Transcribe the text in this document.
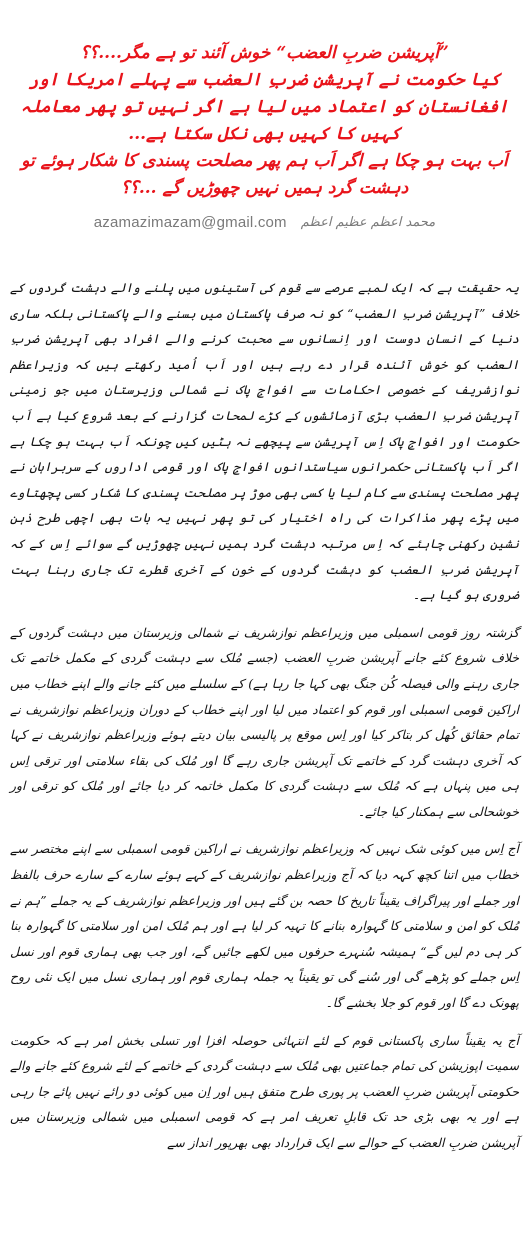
”آپریشن ضربِ العضب“ خوش آئند تو ہے مگر....؟؟

کیا حکومت نے آپریشن ضربِ العضب سے پہلے امریکا اور افغانستان کو اعتماد میں لیا ہے اگر نہیں تو پھر معاملہ کہیں کا کہیں بھی نکل سکتا ہے...

اَب بہت ہو چکا ہے اگر اَب ہم پھر مصلحت پسندی کا شکار ہوئے تو دہشت گرد ہمیں نہیں چھوڑیں گے ...؟؟

azamazimazam@gmail.com محمد اعظم عظیم اعظم

یہ حقیقت ہے کہ ایک لمبے عرصے سے قوم کی آستینوں میں پلنے والے دہشت گردوں کے خلاف ”آپریشن ضربِ العضب“ کو نہ صرف پاکستان میں بسنے والے پاکستانی بلکہ ساری دنیا کے انسان دوست اور اِنسانوں سے محبت کرنے والے افراد بھی آپریشن ضربِ العضب کو خوش آئندہ قرار دے رہے ہیں اور اَب اُمید رکھتے ہیں کہ وزیراعظم نوازشریف کے خصوصی احکامات سے افواجِ پاک نے شمالی وزیرستان میں جو زمینی آپریشن ضربِ العضب بڑی آزمائشوں کے کڑے لمحات گزارنے کے بعد شروع کیا ہے اَب حکومت اور افواجِ پاک اِس آپریشن سے پیچھے نہ ہٹیں کیں چونکہ اَب بہت ہو چکا ہے اگر اَب پاکستانی حکمرانوں سیاستدانوں افواجِ پاک اور قومی اداروں کے سربراہان نے پھر مصلحت پسندی سے کام لیا یا کسی بھی موڑ پر مصلحت پسندی کا شکار کسی پچھتاوے میں پڑے پھر مذاکرات کی راہ اختیار کی تو پھر نہیں یہ بات بھی اچھی طرح ذہن نشین رکھنی چاہئے کہ اِس مرتبہ دہشت گرد ہمیں نہیں چھوڑیں گے سوائے اِس کے کہ آپریشن ضربِ العضب کو دہشت گردوں کے خون کے آخری قطرے تک جاری رہنا بہت ضروری ہو گیا ہے۔

گزشتہ روز قومی اسمبلی میں وزیراعظم نوازشریف نے شمالی وزیرستان میں دہشت گردوں کے خلاف شروع کئے جانے آپریشن ضربِ العضب (جسے مُلک سے دہشت گردی کے مکمل خاتمے تک جاری رہنے والی فیصلہ کُن جنگ بھی کہا جا رہا ہے) کے سلسلے میں کئے جانے والے اپنے خطاب میں اراکین قومی اسمبلی اور قوم کو اعتماد میں لیا اور اپنے خطاب کے دوران وزیراعظم نوازشریف نے تمام حقائق کُھل کر بتاکر کیا اور اِس موقع پر پالیسی بیان دیتے ہوئے وزیراعظم نوازشریف نے کہا کہ آخری دہشت گرد کے خاتمے تک آپریشن جاری رہے گا اور مُلک کی بقاء سلامتی اور ترقی اِس ہی میں پنہاں ہے کہ مُلک سے دہشت گردی کا مکمل خاتمہ کر دیا جائے اور مُلک کو ترقی اور خوشحالی سے ہمکنار کیا جائے۔

آج اِس میں کوئی شک نہیں کہ وزیراعظم نوازشریف نے اراکین قومی اسمبلی سے اپنے مختصر سے خطاب میں اتنا کچھ کہہ دیا کہ آج وزیراعظم نوازشریف کے کہے ہوئے سارے کے سارے حرف بالفظ اور جملے اور پیراگراف یقیناً تاریخ کا حصہ بن گئے ہیں اور وزیراعظم نوازشریف کے یہ جملے ”ہم نے مُلک کو امن و سلامتی کا گہوارہ بنانے کا تہیہ کر لیا ہے اور ہم مُلک امن اور سلامتی کا گہوارہ بنا کر ہی دم لیں گے“ ہمیشہ سُنہرے حرفوں میں لکھے جائیں گے، اور جب بھی ہماری قوم اور نسل اِس جملے کو پڑھے گی اور سُنے گی تو یقیناً یہ جملہ ہماری قوم اور ہماری نسل میں ایک نئی روح پھونک دے گا اور قوم کو جلا بخشے گا۔

آج یہ یقیناً ساری پاکستانی قوم کے لئے انتہائی حوصلہ افزا اور تسلی بخش امر ہے کہ حکومت سمیت اپوزیشن کی تمام جماعتیں بھی مُلک سے دہشت گردی کے خاتمے کے لئے شروع کئے جانے والے حکومتی آپریشن ضربِ العضب پر پوری طرح متفق ہیں اور اِن میں کوئی دو رائے نہیں پائے جا رہی ہے اور یہ بھی بڑی حد تک قابلِ تعریف امر ہے کہ قومی اسمبلی میں شمالی وزیرستان میں آپریشن ضربِ العضب کے حوالے سے ایک قرارداد بھی بھرپور انداز سے
